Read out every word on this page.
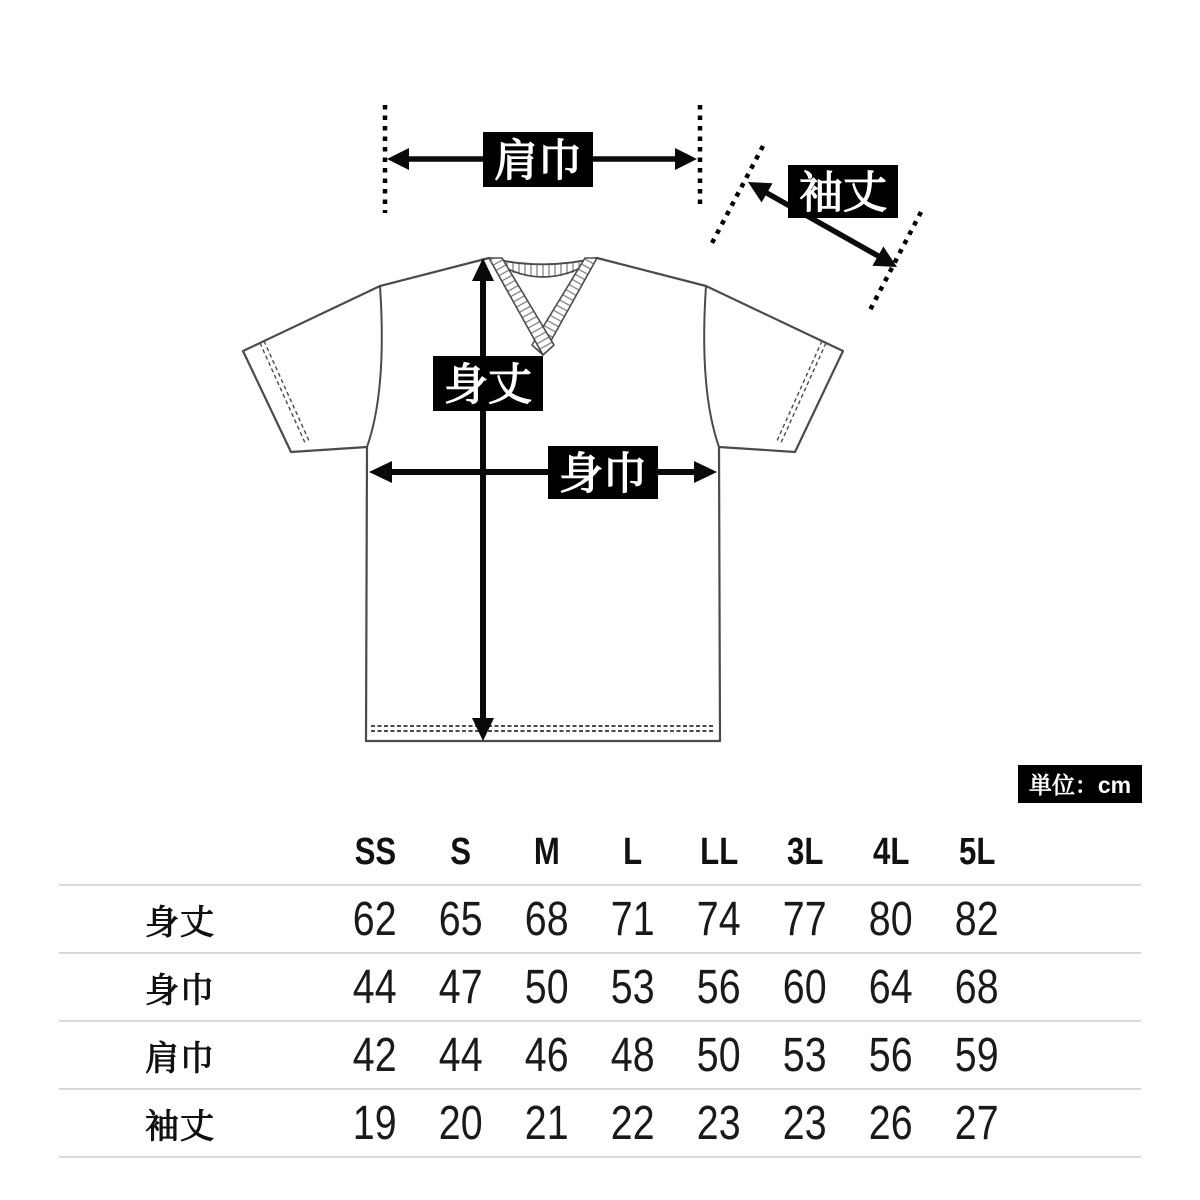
肩巾
袖丈
身丈
身巾
単位：cm
SS	S	M	L	LL	3L	4L	5L
身丈	62 65 68 71 74 77 80 82
身巾	44 47 50 53 56 60 64 68
肩巾	42 44 46 48 50 53 56 59
袖丈	19 20 21 22 23 23 26 27
